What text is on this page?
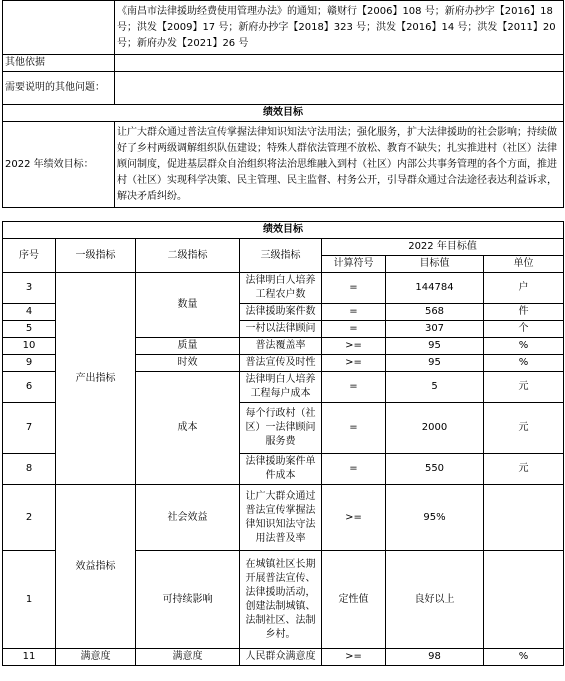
	《南昌市法律援助经费使用管理办法》的通知；赣财行【2006】108 号；新府办抄字【2016】18 号；洪发【2009】17 号；新府办抄字【2018】323 号；洪发【2016】14 号；洪发【2011】20 号；新府办发【2021】26 号
其他依据	
需要说明的其他问题：	
绩效目标	
2022 年绩效目标：	让广大群众通过普法宣传掌握法律知识知法守法用法；强化服务，扩大法律援助的社会影响；持续做好了乡村两级调解组织队伍建设；特殊人群依法管理不放松、教育不缺失；扎实推进村（社区）法律顾问制度，促进基层群众自治组织将法治思维融入到村（社区）内部公共事务管理的各个方面，推进村（社区）实现科学决策、民主管理、民主监督、村务公开，引导群众通过合法途径表达利益诉求，解决矛盾纠纷。
绩效目标						
序号	一级指标	二级指标	三级指标	2022 年目标值		
				计算符号	目标值	单位
3	产出指标	数量	法律明白人培养工程农户数	=	144784	户
4			法律援助案件数	=	568	件
5			一村以法律顾问	=	307	个
10		质量	普法覆盖率	>=	95	%
9		时效	普法宣传及时性	>=	95	%
6		成本	法律明白人培养工程每户成本	=	5	元
7			每个行政村（社区）一法律顾问服务费	=	2000	元
8			法律援助案件单件成本	=	550	元
2	效益指标	社会效益	让广大群众通过普法宣传掌握法律知识知法守法用法普及率	>=	95%	
1		可持续影响	在城镇社区长期开展普法宣传、法律援助活动，创建法制城镇、法制社区、法制乡村。	定性值	良好以上	
11	满意度	满意度	人民群众满意度	>=	98	%
